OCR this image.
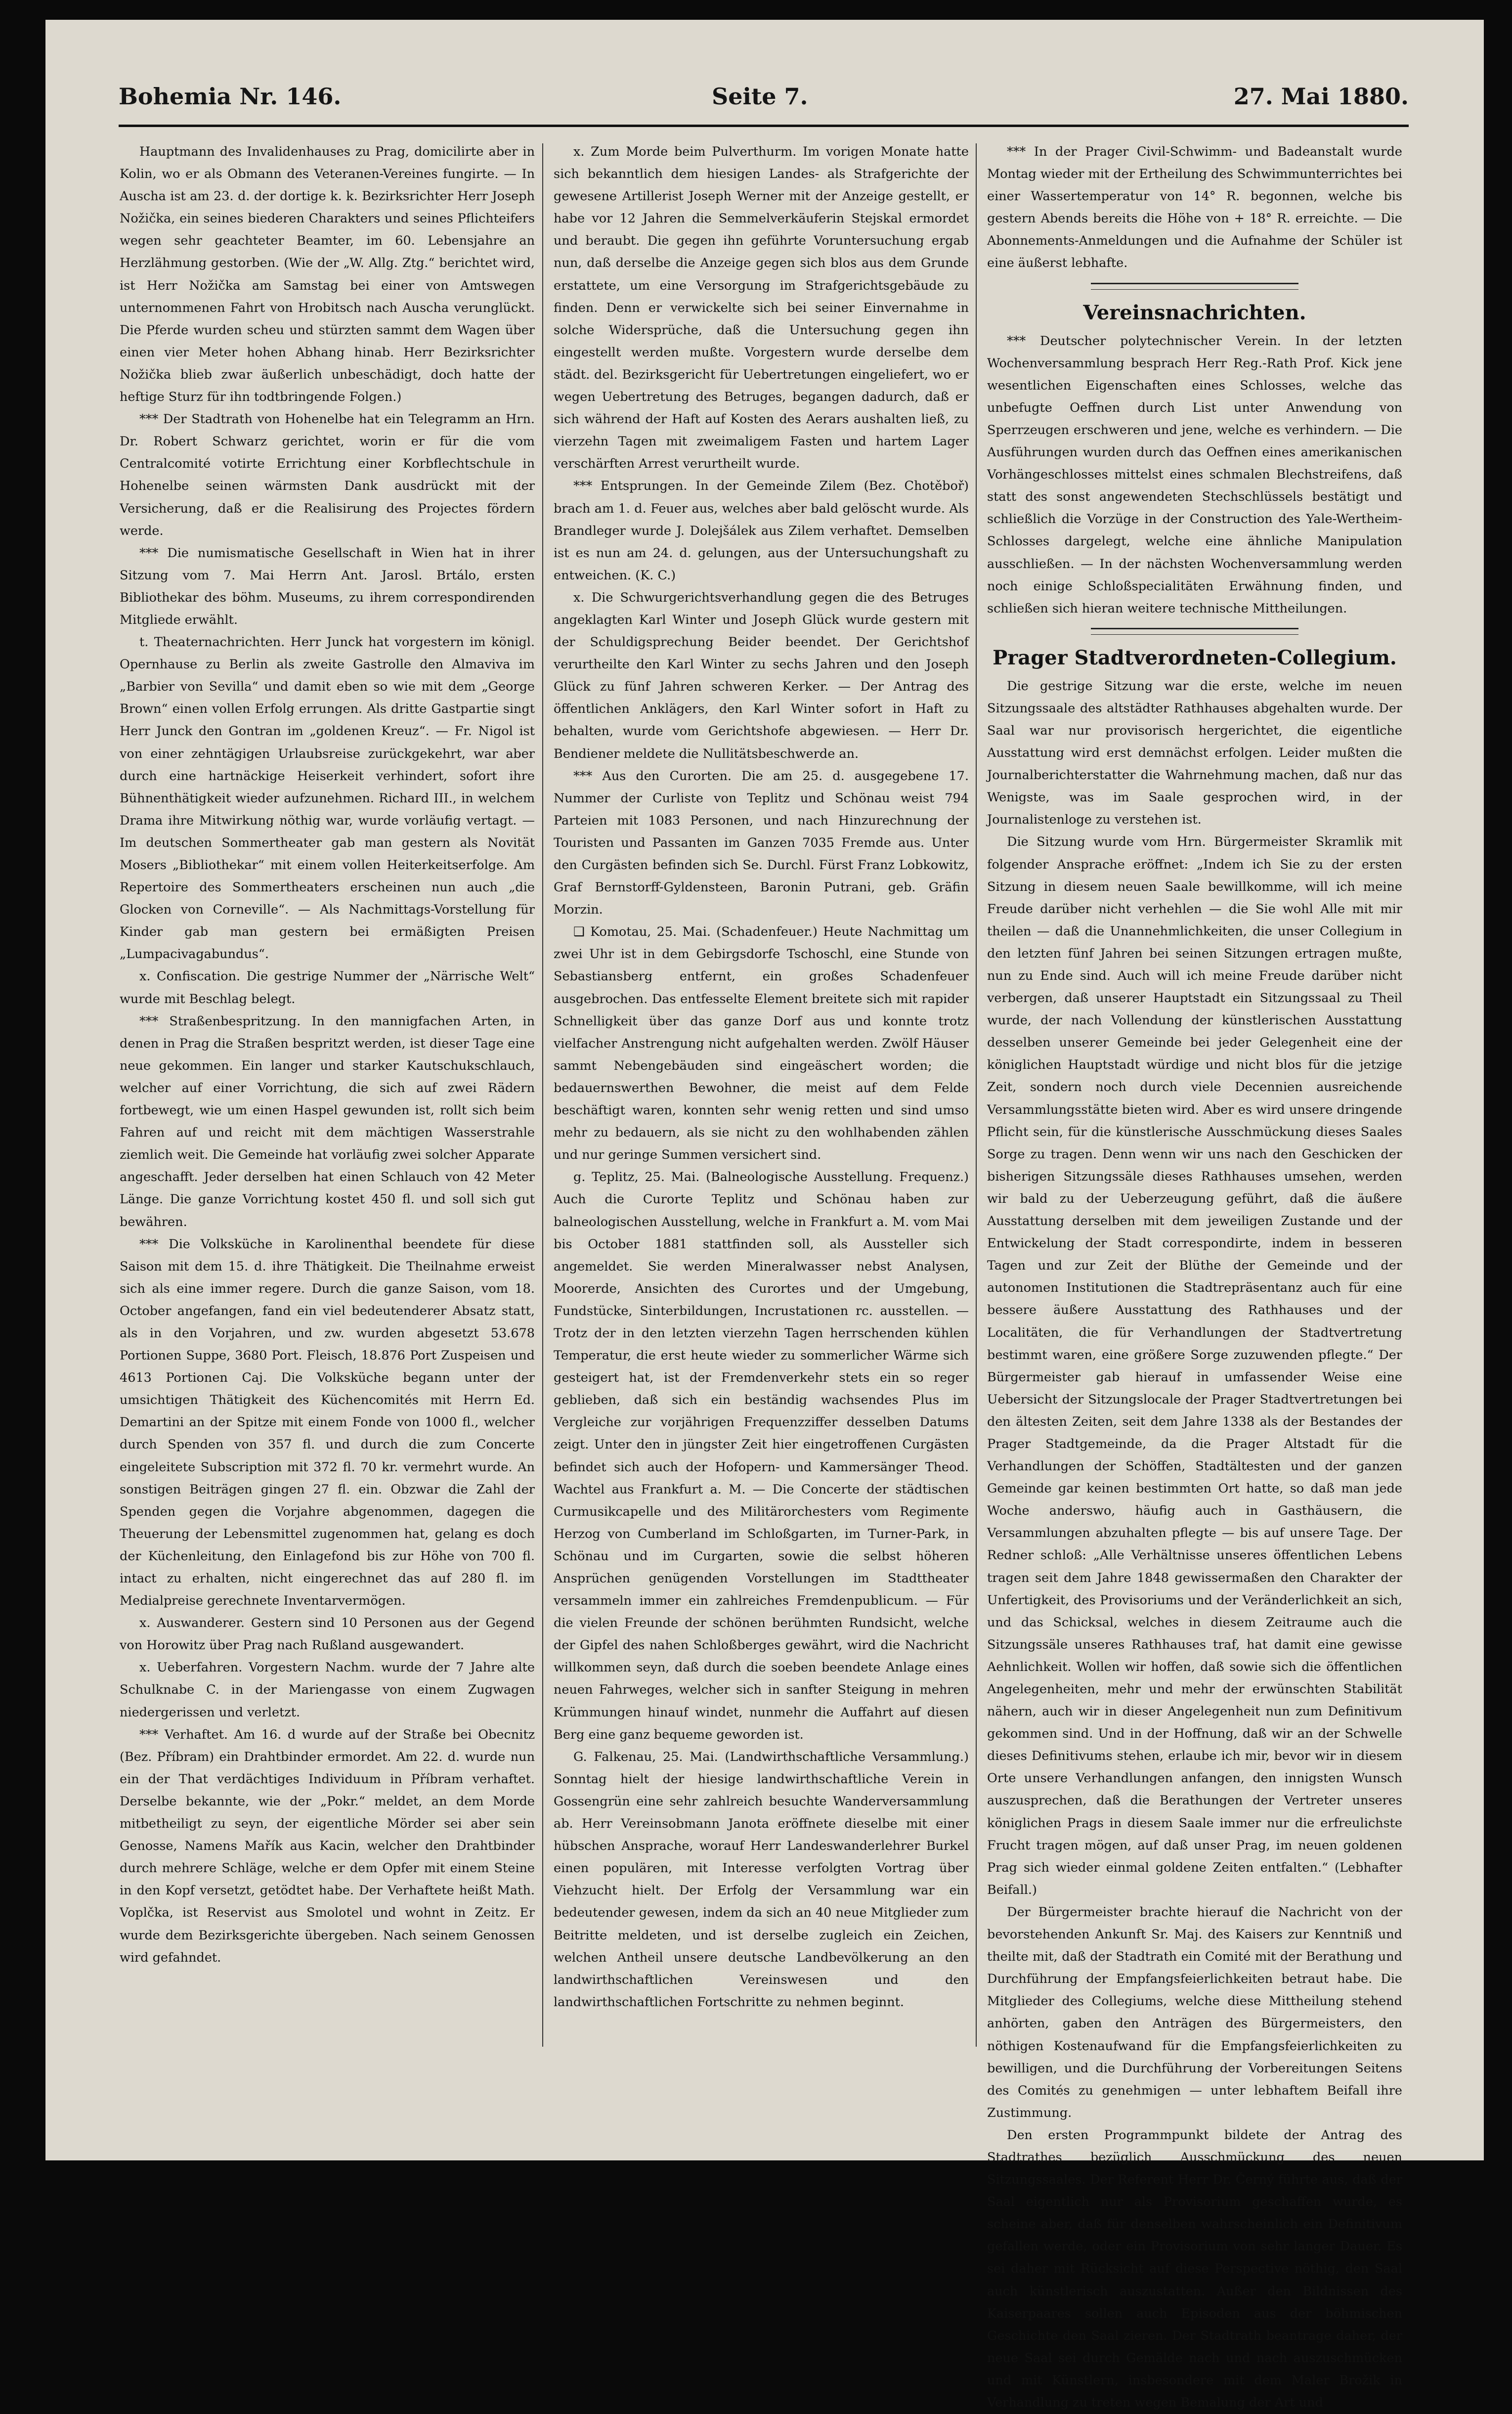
Bohemia Nr. 146.	Seite 7.	27. Mai 1880.

Hauptmann des Invalidenhauses zu Prag, domicilirte aber in Kolin, wo er als Obmann des Veteranen-Vereines fungirte. — In Auscha ist am 23. d. der dortige k. k. Bezirksrichter Herr Joseph Nožička, ein seines biederen Charakters und seines Pflichteifers wegen sehr geachteter Beamter, im 60. Lebensjahre an Herzlähmung gestorben. (Wie der „W. Allg. Ztg.“ berichtet wird, ist Herr Nožička am Samstag bei einer von Amtswegen unternommenen Fahrt von Hrobitsch nach Auscha verunglückt. Die Pferde wurden scheu und stürzten sammt dem Wagen über einen vier Meter hohen Abhang hinab. Herr Bezirksrichter Nožička blieb zwar äußerlich unbeschädigt, doch hatte der heftige Sturz für ihn todtbringende Folgen.)

*** Der Stadtrath von Hohenelbe hat ein Telegramm an Hrn. Dr. Robert Schwarz gerichtet, worin er für die vom Centralcomité votirte Errichtung einer Korbflechtschule in Hohenelbe seinen wärmsten Dank ausdrückt mit der Versicherung, daß er die Realisirung des Projectes fördern werde.

*** Die numismatische Gesellschaft in Wien hat in ihrer Sitzung vom 7. Mai Herrn Ant. Jarosl. Brtálo, ersten Bibliothekar des böhm. Museums, zu ihrem correspondirenden Mitgliede erwählt.

t. Theaternachrichten. Herr Junck hat vorgestern im königl. Opernhause zu Berlin als zweite Gastrolle den Almaviva im „Barbier von Sevilla“ und damit eben so wie mit dem „George Brown“ einen vollen Erfolg errungen. Als dritte Gastpartie singt Herr Junck den Gontran im „goldenen Kreuz“. — Fr. Nigol ist von einer zehntägigen Urlaubsreise zurückgekehrt, war aber durch eine hartnäckige Heiserkeit verhindert, sofort ihre Bühnenthätigkeit wieder aufzunehmen. Richard III., in welchem Drama ihre Mitwirkung nöthig war, wurde vorläufig vertagt. — Im deutschen Sommertheater gab man gestern als Novität Mosers „Bibliothekar“ mit einem vollen Heiterkeitserfolge. Am Repertoire des Sommertheaters erscheinen nun auch „die Glocken von Corneville“. — Als Nachmittags-Vorstellung für Kinder gab man gestern bei ermäßigten Preisen „Lumpacivagabundus“.

x. Confiscation. Die gestrige Nummer der „Närrische Welt“ wurde mit Beschlag belegt.

*** Straßenbespritzung. In den mannigfachen Arten, in denen in Prag die Straßen bespritzt werden, ist dieser Tage eine neue gekommen. Ein langer und starker Kautschukschlauch, welcher auf einer Vorrichtung, die sich auf zwei Rädern fortbewegt, wie um einen Haspel gewunden ist, rollt sich beim Fahren auf und reicht mit dem mächtigen Wasserstrahle ziemlich weit. Die Gemeinde hat vorläufig zwei solcher Apparate angeschafft. Jeder derselben hat einen Schlauch von 42 Meter Länge. Die ganze Vorrichtung kostet 450 fl. und soll sich gut bewähren.

*** Die Volksküche in Karolinenthal beendete für diese Saison mit dem 15. d. ihre Thätigkeit. Die Theilnahme erweist sich als eine immer regere. Durch die ganze Saison, vom 18. October angefangen, fand ein viel bedeutenderer Absatz statt, als in den Vorjahren, und zw. wurden abgesetzt 53.678 Portionen Suppe, 3680 Port. Fleisch, 18.876 Port Zuspeisen und 4613 Portionen Caj. Die Volksküche begann unter der umsichtigen Thätigkeit des Küchencomités mit Herrn Ed. Demartini an der Spitze mit einem Fonde von 1000 fl., welcher durch Spenden von 357 fl. und durch die zum Concerte eingeleitete Subscription mit 372 fl. 70 kr. vermehrt wurde. An sonstigen Beiträgen gingen 27 fl. ein. Obzwar die Zahl der Spenden gegen die Vorjahre abgenommen, dagegen die Theuerung der Lebensmittel zugenommen hat, gelang es doch der Küchenleitung, den Einlagefond bis zur Höhe von 700 fl. intact zu erhalten, nicht eingerechnet das auf 280 fl. im Medialpreise gerechnete Inventarvermögen.

x. Auswanderer. Gestern sind 10 Personen aus der Gegend von Horowitz über Prag nach Rußland ausgewandert.

x. Ueberfahren. Vorgestern Nachm. wurde der 7 Jahre alte Schulknabe C. in der Mariengasse von einem Zugwagen niedergerissen und verletzt.

*** Verhaftet. Am 16. d wurde auf der Straße bei Obecnitz (Bez. Příbram) ein Drahtbinder ermordet. Am 22. d. wurde nun ein der That verdächtiges Individuum in Příbram verhaftet. Derselbe bekannte, wie der „Pokr.“ meldet, an dem Morde mitbetheiligt zu seyn, der eigentliche Mörder sei aber sein Genosse, Namens Mařík aus Kacin, welcher den Drahtbinder durch mehrere Schläge, welche er dem Opfer mit einem Steine in den Kopf versetzt, getödtet habe. Der Verhaftete heißt Math. Voplčka, ist Reservist aus Smolotel und wohnt in Zeitz. Er wurde dem Bezirksgerichte übergeben. Nach seinem Genossen wird gefahndet.

x. Zum Morde beim Pulverthurm. Im vorigen Monate hatte sich bekanntlich dem hiesigen Landes- als Strafgerichte der gewesene Artillerist Joseph Werner mit der Anzeige gestellt, er habe vor 12 Jahren die Semmelverkäuferin Stejskal ermordet und beraubt. Die gegen ihn geführte Voruntersuchung ergab nun, daß derselbe die Anzeige gegen sich blos aus dem Grunde erstattete, um eine Versorgung im Strafgerichtsgebäude zu finden. Denn er verwickelte sich bei seiner Einvernahme in solche Widersprüche, daß die Untersuchung gegen ihn eingestellt werden mußte. Vorgestern wurde derselbe dem städt. del. Bezirksgericht für Uebertretungen eingeliefert, wo er wegen Uebertretung des Betruges, begangen dadurch, daß er sich während der Haft auf Kosten des Aerars aushalten ließ, zu vierzehn Tagen mit zweimaligem Fasten und hartem Lager verschärften Arrest verurtheilt wurde.

*** Entsprungen. In der Gemeinde Zilem (Bez. Chotěboř) brach am 1. d. Feuer aus, welches aber bald gelöscht wurde. Als Brandleger wurde J. Dolejšálek aus Zilem verhaftet. Demselben ist es nun am 24. d. gelungen, aus der Untersuchungshaft zu entweichen. (K. C.)

x. Die Schwurgerichtsverhandlung gegen die des Betruges angeklagten Karl Winter und Joseph Glück wurde gestern mit der Schuldigsprechung Beider beendet. Der Gerichtshof verurtheilte den Karl Winter zu sechs Jahren und den Joseph Glück zu fünf Jahren schweren Kerker. — Der Antrag des öffentlichen Anklägers, den Karl Winter sofort in Haft zu behalten, wurde vom Gerichtshofe abgewiesen. — Herr Dr. Bendiener meldete die Nullitätsbeschwerde an.

*** Aus den Curorten. Die am 25. d. ausgegebene 17. Nummer der Curliste von Teplitz und Schönau weist 794 Parteien mit 1083 Personen, und nach Hinzurechnung der Touristen und Passanten im Ganzen 7035 Fremde aus. Unter den Curgästen befinden sich Se. Durchl. Fürst Franz Lobkowitz, Graf Bernstorff-Gyldensteen, Baronin Putrani, geb. Gräfin Morzin.

❑ Komotau, 25. Mai. (Schadenfeuer.) Heute Nachmittag um zwei Uhr ist in dem Gebirgsdorfe Tschoschl, eine Stunde von Sebastiansberg entfernt, ein großes Schadenfeuer ausgebrochen. Das entfesselte Element breitete sich mit rapider Schnelligkeit über das ganze Dorf aus und konnte trotz vielfacher Anstrengung nicht aufgehalten werden. Zwölf Häuser sammt Nebengebäuden sind eingeäschert worden; die bedauernswerthen Bewohner, die meist auf dem Felde beschäftigt waren, konnten sehr wenig retten und sind umso mehr zu bedauern, als sie nicht zu den wohlhabenden zählen und nur geringe Summen versichert sind.

g. Teplitz, 25. Mai. (Balneologische Ausstellung. Frequenz.) Auch die Curorte Teplitz und Schönau haben zur balneologischen Ausstellung, welche in Frankfurt a. M. vom Mai bis October 1881 stattfinden soll, als Aussteller sich angemeldet. Sie werden Mineralwasser nebst Analysen, Moorerde, Ansichten des Curortes und der Umgebung, Fundstücke, Sinterbildungen, Incrustationen rc. ausstellen. — Trotz der in den letzten vierzehn Tagen herrschenden kühlen Temperatur, die erst heute wieder zu sommerlicher Wärme sich gesteigert hat, ist der Fremdenverkehr stets ein so reger geblieben, daß sich ein beständig wachsendes Plus im Vergleiche zur vorjährigen Frequenzziffer desselben Datums zeigt. Unter den in jüngster Zeit hier eingetroffenen Curgästen befindet sich auch der Hofopern- und Kammersänger Theod. Wachtel aus Frankfurt a. M. — Die Concerte der städtischen Curmusikcapelle und des Militärorchesters vom Regimente Herzog von Cumberland im Schloßgarten, im Turner-Park, in Schönau und im Curgarten, sowie die selbst höheren Ansprüchen genügenden Vorstellungen im Stadttheater versammeln immer ein zahlreiches Fremdenpublicum. — Für die vielen Freunde der schönen berühmten Rundsicht, welche der Gipfel des nahen Schloßberges gewährt, wird die Nachricht willkommen seyn, daß durch die soeben beendete Anlage eines neuen Fahrweges, welcher sich in sanfter Steigung in mehren Krümmungen hinauf windet, nunmehr die Auffahrt auf diesen Berg eine ganz bequeme geworden ist.

G. Falkenau, 25. Mai. (Landwirthschaftliche Versammlung.) Sonntag hielt der hiesige landwirthschaftliche Verein in Gossengrün eine sehr zahlreich besuchte Wanderversammlung ab. Herr Vereinsobmann Janota eröffnete dieselbe mit einer hübschen Ansprache, worauf Herr Landeswanderlehrer Burkel einen populären, mit Interesse verfolgten Vortrag über Viehzucht hielt. Der Erfolg der Versammlung war ein bedeutender gewesen, indem da sich an 40 neue Mitglieder zum Beitritte meldeten, und ist derselbe zugleich ein Zeichen, welchen Antheil unsere deutsche Landbevölkerung an den landwirthschaftlichen Vereinswesen und den landwirthschaftlichen Fortschritte zu nehmen beginnt.

*** In der Prager Civil-Schwimm- und Badeanstalt wurde Montag wieder mit der Ertheilung des Schwimmunterrichtes bei einer Wassertemperatur von 14° R. begonnen, welche bis gestern Abends bereits die Höhe von + 18° R. erreichte. — Die Abonnements-Anmeldungen und die Aufnahme der Schüler ist eine äußerst lebhafte.

Vereinsnachrichten.

*** Deutscher polytechnischer Verein. In der letzten Wochenversammlung besprach Herr Reg.-Rath Prof. Kick jene wesentlichen Eigenschaften eines Schlosses, welche das unbefugte Oeffnen durch List unter Anwendung von Sperrzeugen erschweren und jene, welche es verhindern. — Die Ausführungen wurden durch das Oeffnen eines amerikanischen Vorhängeschlosses mittelst eines schmalen Blechstreifens, daß statt des sonst angewendeten Stechschlüssels bestätigt und schließlich die Vorzüge in der Construction des Yale-Wertheim-Schlosses dargelegt, welche eine ähnliche Manipulation ausschließen. — In der nächsten Wochenversammlung werden noch einige Schloßspecialitäten Erwähnung finden, und schließen sich hieran weitere technische Mittheilungen.

Prager Stadtverordneten-Collegium.

Die gestrige Sitzung war die erste, welche im neuen Sitzungssaale des altstädter Rathhauses abgehalten wurde. Der Saal war nur provisorisch hergerichtet, die eigentliche Ausstattung wird erst demnächst erfolgen. Leider mußten die Journalberichterstatter die Wahrnehmung machen, daß nur das Wenigste, was im Saale gesprochen wird, in der Journalistenloge zu verstehen ist.

Die Sitzung wurde vom Hrn. Bürgermeister Skramlik mit folgender Ansprache eröffnet: „Indem ich Sie zu der ersten Sitzung in diesem neuen Saale bewillkomme, will ich meine Freude darüber nicht verhehlen — die Sie wohl Alle mit mir theilen — daß die Unannehmlichkeiten, die unser Collegium in den letzten fünf Jahren bei seinen Sitzungen ertragen mußte, nun zu Ende sind. Auch will ich meine Freude darüber nicht verbergen, daß unserer Hauptstadt ein Sitzungssaal zu Theil wurde, der nach Vollendung der künstlerischen Ausstattung desselben unserer Gemeinde bei jeder Gelegenheit eine der königlichen Hauptstadt würdige und nicht blos für die jetzige Zeit, sondern noch durch viele Decennien ausreichende Versammlungsstätte bieten wird. Aber es wird unsere dringende Pflicht sein, für die künstlerische Ausschmückung dieses Saales Sorge zu tragen. Denn wenn wir uns nach den Geschicken der bisherigen Sitzungssäle dieses Rathhauses umsehen, werden wir bald zu der Ueberzeugung geführt, daß die äußere Ausstattung derselben mit dem jeweiligen Zustande und der Entwickelung der Stadt correspondirte, indem in besseren Tagen und zur Zeit der Blüthe der Gemeinde und der autonomen Institutionen die Stadtrepräsentanz auch für eine bessere äußere Ausstattung des Rathhauses und der Localitäten, die für Verhandlungen der Stadtvertretung bestimmt waren, eine größere Sorge zuzuwenden pflegte.“ Der Bürgermeister gab hierauf in umfassender Weise eine Uebersicht der Sitzungslocale der Prager Stadtvertretungen bei den ältesten Zeiten, seit dem Jahre 1338 als der Bestandes der Prager Stadtgemeinde, da die Prager Altstadt für die Verhandlungen der Schöffen, Stadtältesten und der ganzen Gemeinde gar keinen bestimmten Ort hatte, so daß man jede Woche anderswo, häufig auch in Gasthäusern, die Versammlungen abzuhalten pflegte — bis auf unsere Tage. Der Redner schloß: „Alle Verhältnisse unseres öffentlichen Lebens tragen seit dem Jahre 1848 gewissermaßen den Charakter der Unfertigkeit, des Provisoriums und der Veränderlichkeit an sich, und das Schicksal, welches in diesem Zeitraume auch die Sitzungssäle unseres Rathhauses traf, hat damit eine gewisse Aehnlichkeit. Wollen wir hoffen, daß sowie sich die öffentlichen Angelegenheiten, mehr und mehr der erwünschten Stabilität nähern, auch wir in dieser Angelegenheit nun zum Definitivum gekommen sind. Und in der Hoffnung, daß wir an der Schwelle dieses Definitivums stehen, erlaube ich mir, bevor wir in diesem Orte unsere Verhandlungen anfangen, den innigsten Wunsch auszusprechen, daß die Berathungen der Vertreter unseres königlichen Prags in diesem Saale immer nur die erfreulichste Frucht tragen mögen, auf daß unser Prag, im neuen goldenen Prag sich wieder einmal goldene Zeiten entfalten.“ (Lebhafter Beifall.)

Der Bürgermeister brachte hierauf die Nachricht von der bevorstehenden Ankunft Sr. Maj. des Kaisers zur Kenntniß und theilte mit, daß der Stadtrath ein Comité mit der Berathung und Durchführung der Empfangsfeierlichkeiten betraut habe. Die Mitglieder des Collegiums, welche diese Mittheilung stehend anhörten, gaben den Anträgen des Bürgermeisters, den nöthigen Kostenaufwand für die Empfangsfeierlichkeiten zu bewilligen, und die Durchführung der Vorbereitungen Seitens des Comités zu genehmigen — unter lebhaftem Beifall ihre Zustimmung.

Den ersten Programmpunkt bildete der Antrag des Stadtrathes bezüglich Ausschmückung des neuen Sitzungssaales. Der Referent Herr Dr. Černý führte aus, daß der Saal eigentlich nur als Provisorium geschaffen wurde, es scheine aber, daß für denselben wahrscheinlich ein Definitivum gefallen werde, oder ein Provisorium von sehr langer Dauer. Es sei daher mit Rücksicht auf diese Perspective nöthig, den Saal auch künstlerisch auszustatten. Außer den Bildnissen des Kaiserpaares sollen auch Episoden aus der böhmischen Geschichte den Saal zieren. Der Stadtrath beantrage daher, der neue Saal sei durch Gemälde nach und nach auszuschmücken und mit Künstlern, insbesondere mit dem Maler Brožik in Verhandlung zu treten wegen Bemalung der Art und
